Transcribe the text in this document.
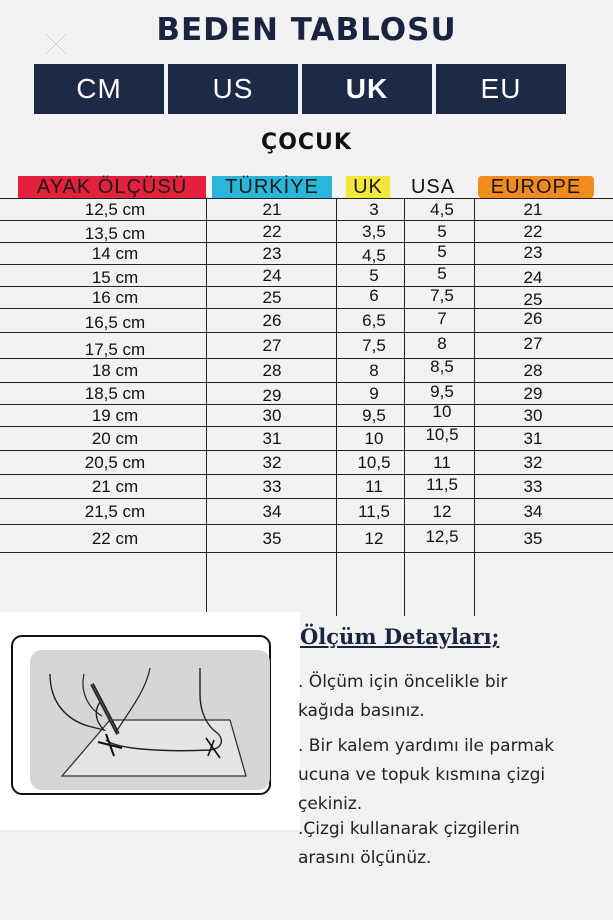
BEDEN TABLOSU
CM	US	UK	EU
ÇOCUK
AYAK ÖLÇÜSÜ	TÜRKİYE	UK	USA	EUROPE
12,5 cm	21	3	4,5	21
13,5 cm	22	3,5	5	22
14 cm	23	4,5	5	23
15 cm	24	5	5	24
16 cm	25	6	7,5	25
16,5 cm	26	6,5	7	26
17,5 cm	27	7,5	8	27
18 cm	28	8	8,5	28
18,5 cm	29	9	9,5	29
19 cm	30	9,5	10	30
20 cm	31	10	10,5	31
20,5 cm	32	10,5	11	32
21 cm	33	11	11,5	33
21,5 cm	34	11,5	12	34
22 cm	35	12	12,5	35
Ölçüm Detayları;
. Ölçüm için öncelikle bir
kağıda basınız.
. Bir kalem yardımı ile parmak
ucuna ve topuk kısmına çizgi
çekiniz.
.Çizgi kullanarak çizgilerin
arasını ölçünüz.
